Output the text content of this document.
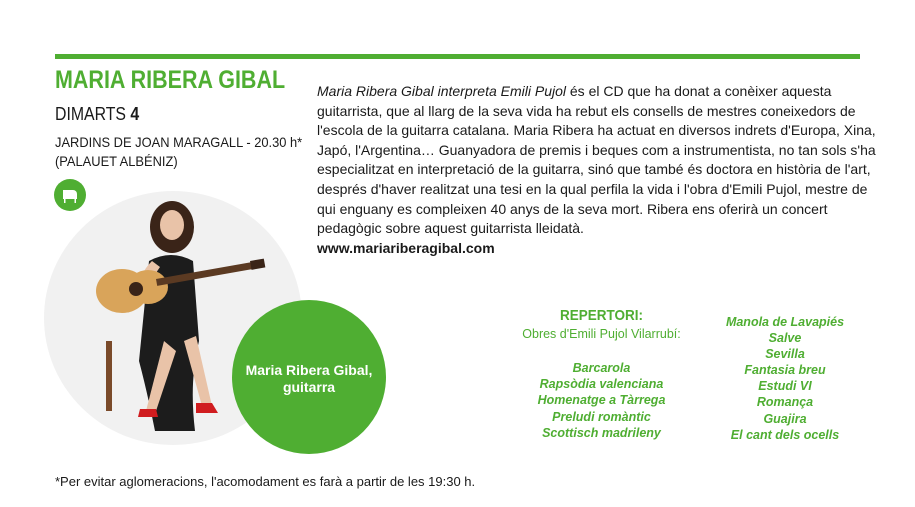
MARIA RIBERA GIBAL
DIMARTS 4
JARDINS DE JOAN MARAGALL - 20.30 h*
(PALAUET ALBÉNIZ)
Maria Ribera Gibal,
guitarra

Maria Ribera Gibal interpreta Emili Pujol és el CD que ha donat a conèixer aquesta guitarrista, que al llarg de la seva vida ha rebut els consells de mestres coneixedors de l'escola de la guitarra catalana. Maria Ribera ha actuat en diversos indrets d'Europa, Xina, Japó, l'Argentina… Guanyadora de premis i beques com a instrumentista, no tan sols s'ha especialitzat en interpretació de la guitarra, sinó que també és doctora en història de l'art, després d'haver realitzat una tesi en la qual perfila la vida i l'obra d'Emili Pujol, mestre de qui enguany es compleixen 40 anys de la seva mort. Ribera ens oferirà un concert pedagògic sobre aquest guitarrista lleidatà.

www.mariariberagibal.com

REPERTORI:
Obres d'Emili Pujol Vilarrubí:
Barcarola
Rapsòdia valenciana
Homenatge a Tàrrega
Preludi romàntic
Scottisch madrileny
Manola de Lavapiés
Salve
Sevilla
Fantasia breu
Estudi VI
Romança
Guajira
El cant dels ocells
*Per evitar aglomeracions, l'acomodament es farà a partir de les 19:30 h.
